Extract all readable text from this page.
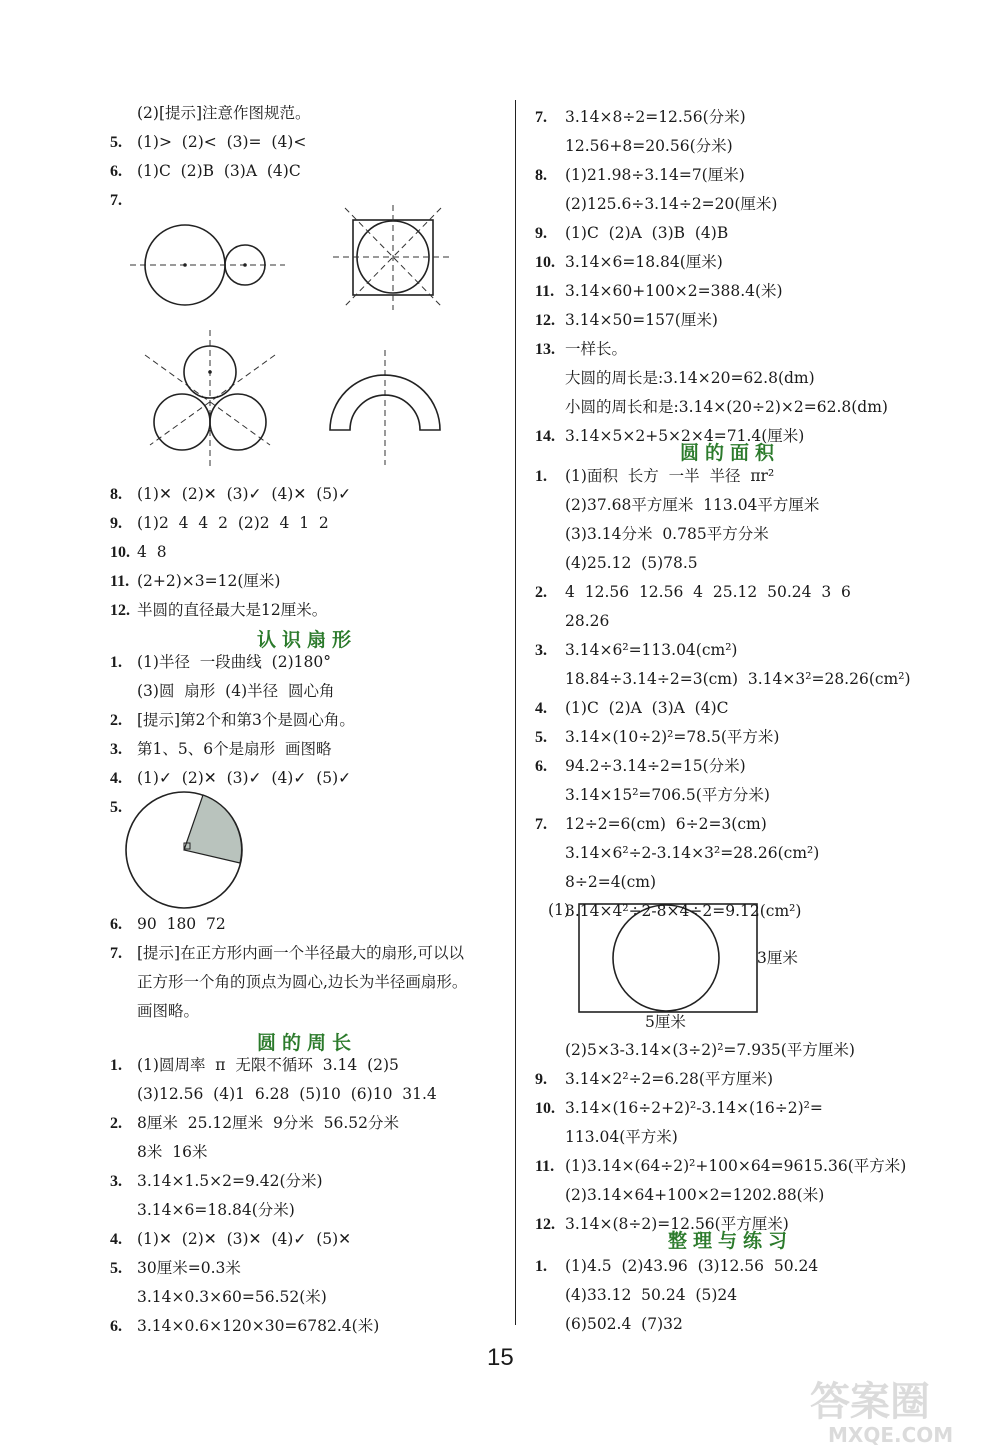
(2)[提示]注意作图规范。
5. (1)>  (2)<  (3)=  (4)<
6. (1)C  (2)B  (3)A  (4)C
7.
8. (1)✕  (2)✕  (3)✓  (4)✕  (5)✓
9. (1)2  4  4  2  (2)2  4  1  2
10. 4  8
11. (2+2)×3=12(厘米)
12. 半圆的直径最大是12厘米。
认识扇形
1. (1)半径  一段曲线  (2)180°
(3)圆  扇形  (4)半径  圆心角
2. [提示]第2个和第3个是圆心角。
3. 第1、5、6个是扇形  画图略
4. (1)✓  (2)✕  (3)✓  (4)✓  (5)✓
5.
6. 90  180  72
7. [提示]在正方形内画一个半径最大的扇形,可以以
正方形一个角的顶点为圆心,边长为半径画扇形。
画图略。
圆的周长
1. (1)圆周率  π  无限不循环  3.14  (2)5
(3)12.56  (4)1  6.28  (5)10  (6)10  31.4
2. 8厘米  25.12厘米  9分米  56.52分米
8米  16米
3. 3.14×1.5×2=9.42(分米)
3.14×6=18.84(分米)
4. (1)✕  (2)✕  (3)✕  (4)✓  (5)✕
5. 30厘米=0.3米
3.14×0.3×60=56.52(米)
6. 3.14×0.6×120×30=6782.4(米)
7. 3.14×8÷2=12.56(分米)
12.56+8=20.56(分米)
8. (1)21.98÷3.14=7(厘米)
(2)125.6÷3.14÷2=20(厘米)
9. (1)C  (2)A  (3)B  (4)B
10. 3.14×6=18.84(厘米)
11. 3.14×60+100×2=388.4(米)
12. 3.14×50=157(厘米)
13. 一样长。
大圆的周长是:3.14×20=62.8(dm)
小圆的周长和是:3.14×(20÷2)×2=62.8(dm)
14. 3.14×5×2+5×2×4=71.4(厘米)
圆的面积
1. (1)面积  长方  一半  半径  πr²
(2)37.68平方厘米  113.04平方厘米
(3)3.14分米  0.785平方分米
(4)25.12  (5)78.5
2. 4  12.56  12.56  4  25.12  50.24  3  6
28.26
3. 3.14×6²=113.04(cm²)
18.84÷3.14÷2=3(cm)  3.14×3²=28.26(cm²)
4. (1)C  (2)A  (3)A  (4)C
5. 3.14×(10÷2)²=78.5(平方米)
6. 94.2÷3.14÷2=15(分米)
3.14×15²=706.5(平方分米)
7. 12÷2=6(cm)  6÷2=3(cm)
3.14×6²÷2-3.14×3²=28.26(cm²)
8÷2=4(cm)
3.14×4²÷2-8×4÷2=9.12(cm²)
(1)
3厘米
5厘米
(2)5×3-3.14×(3÷2)²=7.935(平方厘米)
9. 3.14×2²÷2=6.28(平方厘米)
10. 3.14×(16÷2+2)²-3.14×(16÷2)²=
113.04(平方米)
11. (1)3.14×(64÷2)²+100×64=9615.36(平方米)
(2)3.14×64+100×2=1202.88(米)
12. 3.14×(8÷2)=12.56(平方厘米)
整理与练习
1. (1)4.5  (2)43.96  (3)12.56  50.24
(4)33.12  50.24  (5)24
(6)502.4  (7)32
15
答案圈
MXQE.COM
